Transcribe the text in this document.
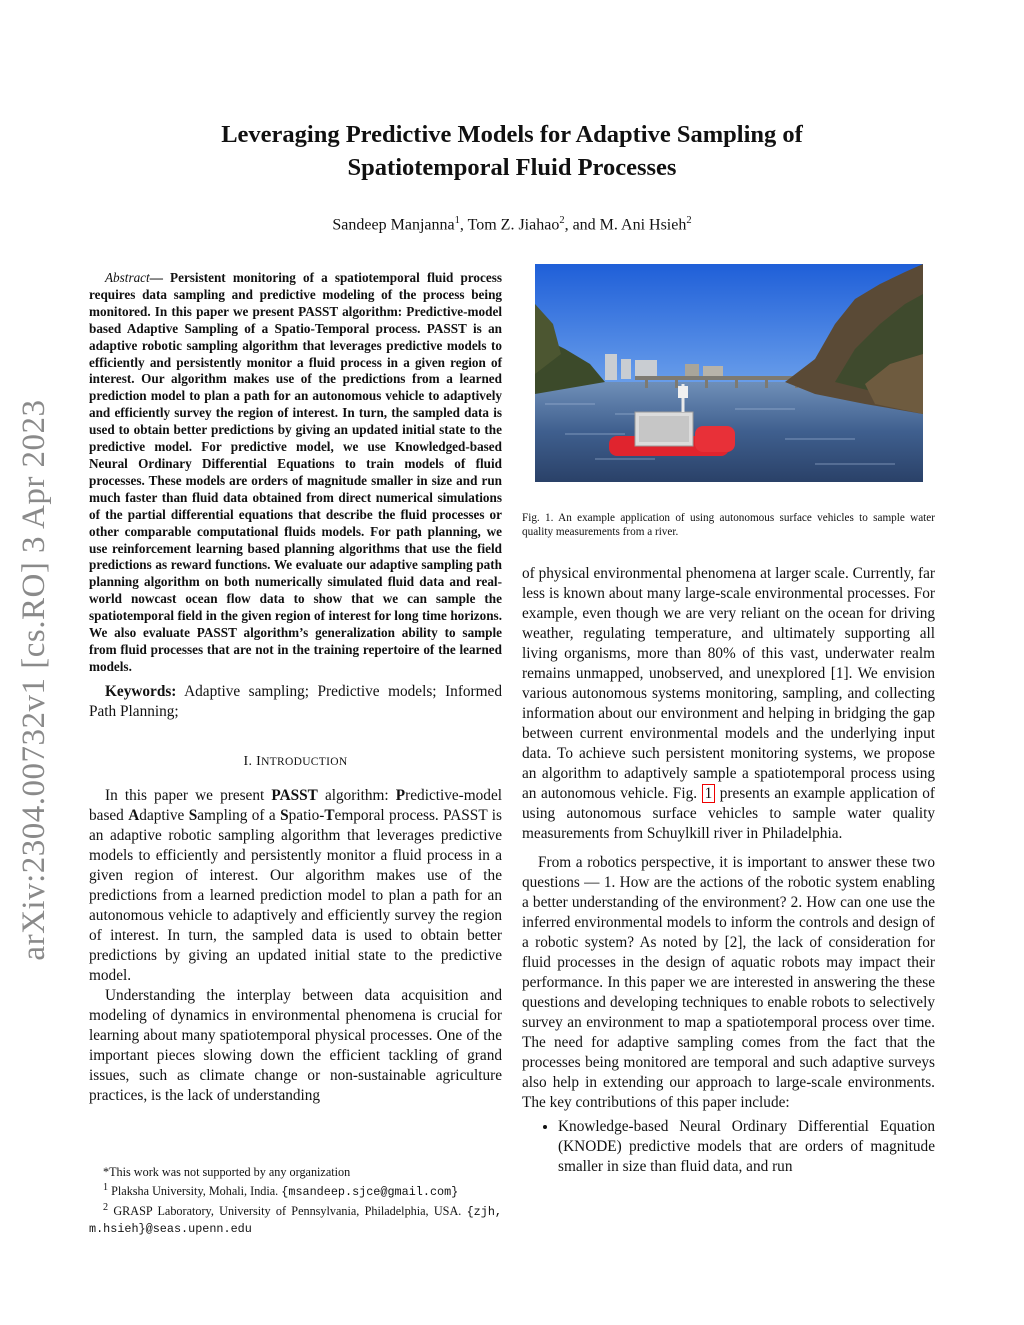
arXiv:2304.00732v1 [cs.RO] 3 Apr 2023
Leveraging Predictive Models for Adaptive Sampling of
Spatiotemporal Fluid Processes
Sandeep Manjanna$^1$, Tom Z. Jiahao$^2$, and M. Ani Hsieh$^2$

Abstract— Persistent monitoring of a spatiotemporal fluid process requires data sampling and predictive modeling of the process being monitored. In this paper we present PASST algorithm: Predictive-model based Adaptive Sampling of a Spatio-Temporal process. PASST is an adaptive robotic sampling algorithm that leverages predictive models to efficiently and persistently monitor a fluid process in a given region of interest. Our algorithm makes use of the predictions from a learned prediction model to plan a path for an autonomous vehicle to adaptively and efficiently survey the region of interest. In turn, the sampled data is used to obtain better predictions by giving an updated initial state to the predictive model. For predictive model, we use Knowledged-based Neural Ordinary Differential Equations to train models of fluid processes. These models are orders of magnitude smaller in size and run much faster than fluid data obtained from direct numerical simulations of the partial differential equations that describe the fluid processes or other comparable computational fluids models. For path planning, we use reinforcement learning based planning algorithms that use the field predictions as reward functions. We evaluate our adaptive sampling path planning algorithm on both numerically simulated fluid data and real-world nowcast ocean flow data to show that we can sample the spatiotemporal field in the given region of interest for long time horizons. We also evaluate PASST algorithm’s generalization ability to sample from fluid processes that are not in the training repertoire of the learned models.

Keywords: Adaptive sampling; Predictive models; Informed Path Planning;

I. INTRODUCTION

In this paper we present PASST algorithm: Predictive-model based Adaptive Sampling of a Spatio-Temporal process. PASST is an adaptive robotic sampling algorithm that leverages predictive models to efficiently and persistently monitor a fluid process in a given region of interest. Our algorithm makes use of the predictions from a learned prediction model to plan a path for an autonomous vehicle to adaptively and efficiently survey the region of interest. In turn, the sampled data is used to obtain better predictions by giving an updated initial state to the predictive model.

Understanding the interplay between data acquisition and modeling of dynamics in environmental phenomena is crucial for learning about many spatiotemporal physical processes. One of the important pieces slowing down the efficient tackling of grand issues, such as climate change or non-sustainable agriculture practices, is the lack of understanding

*This work was not supported by any organization

$^1$ Plaksha University, Mohali, India. {msandeep.sjce@gmail.com}

$^2$ GRASP Laboratory, University of Pennsylvania, Philadelphia, USA. {zjh, m.hsieh}@seas.upenn.edu

Fig. 1. An example application of using autonomous surface vehicles to sample water quality measurements from a river.

of physical environmental phenomena at larger scale. Currently, far less is known about many large-scale environmental processes. For example, even though we are very reliant on the ocean for driving weather, regulating temperature, and ultimately supporting all living organisms, more than 80% of this vast, underwater realm remains unmapped, unobserved, and unexplored [1]. We envision various autonomous systems monitoring, sampling, and collecting information about our environment and helping in bridging the gap between current environmental models and the underlying input data. To achieve such persistent monitoring systems, we propose an algorithm to adaptively sample a spatiotemporal process using an autonomous vehicle. Fig. 1 presents an example application of using autonomous surface vehicles to sample water quality measurements from Schuylkill river in Philadelphia.

From a robotics perspective, it is important to answer these two questions — 1. How are the actions of the robotic system enabling a better understanding of the environment? 2. How can one use the inferred environmental models to inform the controls and design of a robotic system? As noted by [2], the lack of consideration for fluid processes in the design of aquatic robots may impact their performance. In this paper we are interested in answering the these questions and developing techniques to enable robots to selectively survey an environment to map a spatiotemporal process over time. The need for adaptive sampling comes from the fact that the processes being monitored are temporal and such adaptive surveys also help in extending our approach to large-scale environments. The key contributions of this paper include:

• Knowledge-based Neural Ordinary Differential Equation (KNODE) predictive models that are orders of magnitude smaller in size than fluid data, and run
